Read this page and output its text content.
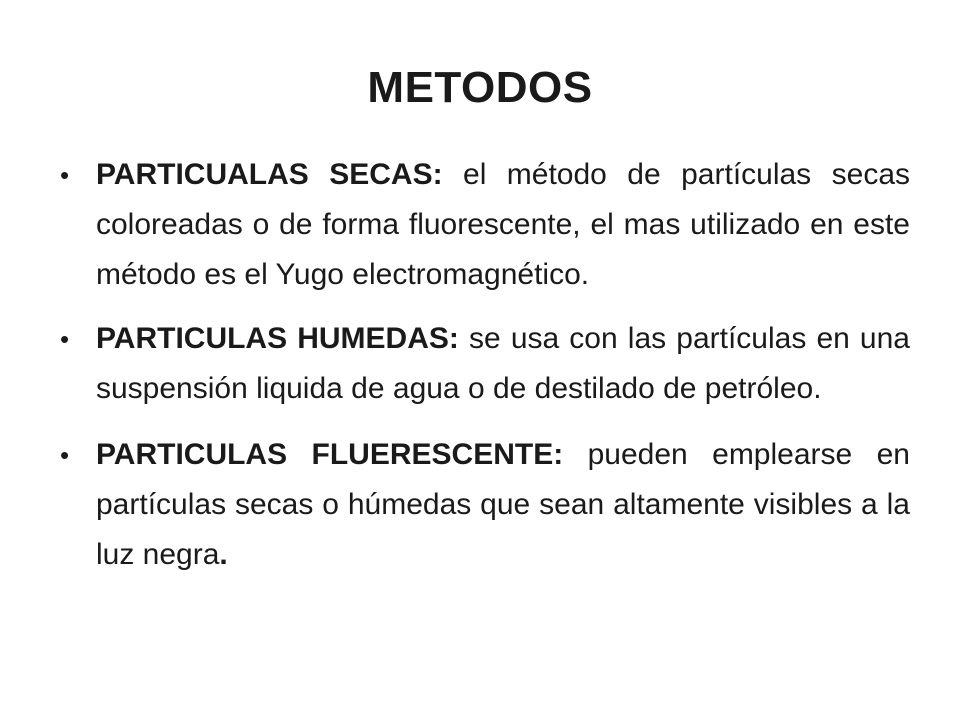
METODOS
• PARTICUALAS SECAS: el método de partículas secas coloreadas o de forma fluorescente, el mas utilizado en este método es el Yugo electromagnético.
• PARTICULAS HUMEDAS: se usa con las partículas en una suspensión liquida de agua o de destilado de petróleo.
• PARTICULAS FLUERESCENTE: pueden emplearse en partículas secas o húmedas que sean altamente visibles a la luz negra.
